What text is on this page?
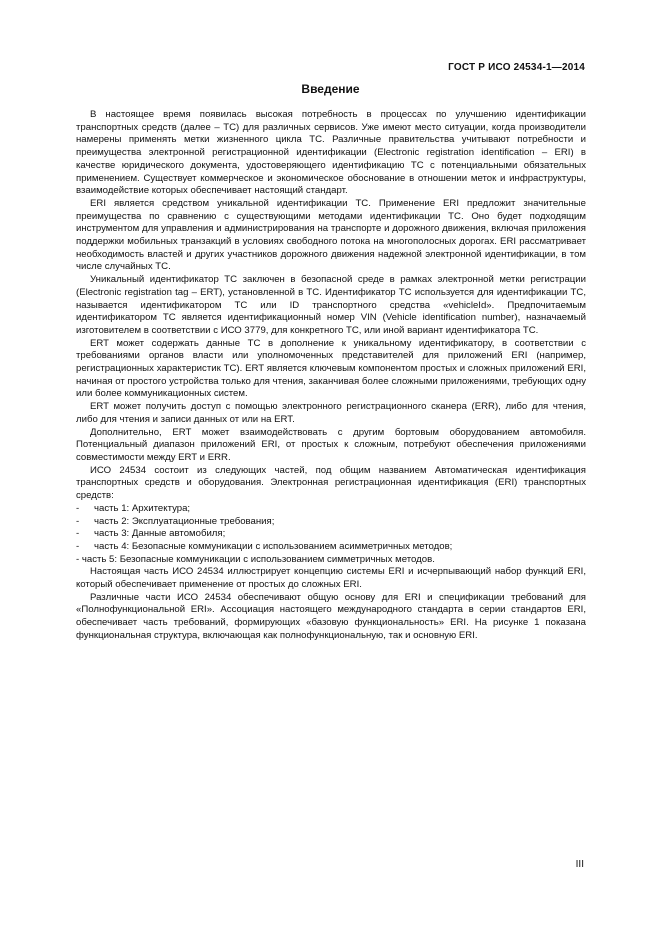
ГОСТ Р ИСО 24534-1—2014
Введение

В настоящее время появилась высокая потребность в процессах по улучшению идентификации транспортных средств (далее – ТС) для различных сервисов. Уже имеют место ситуации, когда производители намерены применять метки жизненного цикла ТС. Различные правительства учитывают потребности и преимущества электронной регистрационной идентификации (Electronic registration identification – ERI) в качестве юридического документа, удостоверяющего идентификацию ТС с потенциальными обязательных применением. Существует коммерческое и экономическое обоснование в отношении меток и инфраструктуры, взаимодействие которых обеспечивает настоящий стандарт.

ERI является средством уникальной идентификации ТС. Применение ERI предложит значительные преимущества по сравнению с существующими методами идентификации ТС. Оно будет подходящим инструментом для управления и администрирования на транспорте и дорожного движения, включая приложения поддержки мобильных транзакций в условиях свободного потока на многополосных дорогах. ERI рассматривает необходимость властей и других участников дорожного движения надежной электронной идентификации, в том числе случайных ТС.

Уникальный идентификатор ТС заключен в безопасной среде в рамках электронной метки регистрации (Electronic registration tag – ERT), установленной в ТС. Идентификатор ТС используется для идентификации ТС, называется идентификатором ТС или ID транспортного средства «vehicleId». Предпочитаемым идентификатором ТС является идентификационный номер VIN (Vehicle identification number), назначаемый изготовителем в соответствии с ИСО 3779, для конкретного ТС, или иной вариант идентификатора ТС.

ERT может содержать данные ТС в дополнение к уникальному идентификатору, в соответствии с требованиями органов власти или уполномоченных представителей для приложений ERI (например, регистрационных характеристик ТС). ERT является ключевым компонентом простых и сложных приложений ERI, начиная от простого устройства только для чтения, заканчивая более сложными приложениями, требующих одну или более коммуникационных систем.

ERT может получить доступ с помощью электронного регистрационного сканера (ERR), либо для чтения, либо для чтения и записи данных от или на ERT.

Дополнительно, ERT может взаимодействовать с другим бортовым оборудованием автомобиля. Потенциальный диапазон приложений ERI, от простых к сложным, потребуют обеспечения приложениями совместимости между ERT и ERR.

ИСО 24534 состоит из следующих частей, под общим названием Автоматическая идентификация транспортных средств и оборудования. Электронная регистрационная идентификация (ERI) транспортных средств:

- часть 1: Архитектура;
- часть 2: Эксплуатационные требования;
- часть 3: Данные автомобиля;
- часть 4: Безопасные коммуникации с использованием асимметричных методов;
- часть 5: Безопасные коммуникации с использованием симметричных методов.

Настоящая часть ИСО 24534 иллюстрирует концепцию системы ERI и исчерпывающий набор функций ERI, который обеспечивает применение от простых до сложных ERI.

Различные части ИСО 24534 обеспечивают общую основу для ERI и спецификации требований для «Полнофункциональной ERI». Ассоциация настоящего международного стандарта в серии стандартов ERI, обеспечивает часть требований, формирующих «базовую функциональность» ERI. На рисунке 1 показана функциональная структура, включающая как полнофункциональную, так и основную ERI.

III
